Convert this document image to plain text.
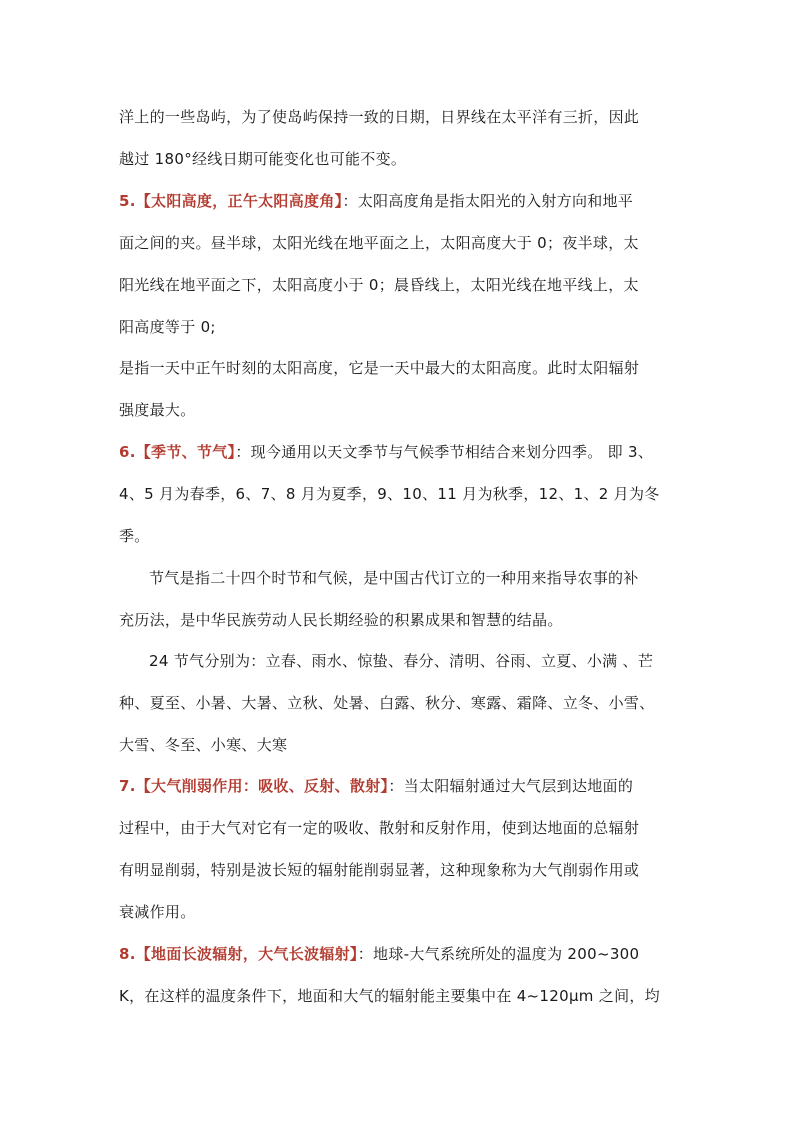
洋上的一些岛屿，为了使岛屿保持一致的日期，日界线在太平洋有三折，因此
越过 180°经线日期可能变化也可能不变。
5.【太阳高度，正午太阳高度角】：太阳高度角是指太阳光的入射方向和地平
面之间的夹。昼半球，太阳光线在地平面之上，太阳高度大于 0；夜半球，太
阳光线在地平面之下，太阳高度小于 0；晨昏线上，太阳光线在地平线上，太
阳高度等于 0;
是指一天中正午时刻的太阳高度，它是一天中最大的太阳高度。此时太阳辐射
强度最大。
6.【季节、节气】：现今通用以天文季节与气候季节相结合来划分四季。 即 3、
4、5 月为春季，6、7、8 月为夏季，9、10、11 月为秋季，12、1、2 月为冬
季。
节气是指二十四个时节和气候，是中国古代订立的一种用来指导农事的补
充历法，是中华民族劳动人民长期经验的积累成果和智慧的结晶。
24 节气分别为：立春、雨水、惊蛰、春分、清明、谷雨、立夏、小满 、芒
种、夏至、小暑、大暑、立秋、处暑、白露、秋分、寒露、霜降、立冬、小雪、
大雪、冬至、小寒、大寒
7.【大气削弱作用：吸收、反射、散射】：当太阳辐射通过大气层到达地面的
过程中，由于大气对它有一定的吸收、散射和反射作用，使到达地面的总辐射
有明显削弱，特别是波长短的辐射能削弱显著，这种现象称为大气削弱作用或
衰减作用。
8.【地面长波辐射，大气长波辐射】：地球-大气系统所处的温度为 200~300
K，在这样的温度条件下，地面和大气的辐射能主要集中在 4~120μm 之间，均
